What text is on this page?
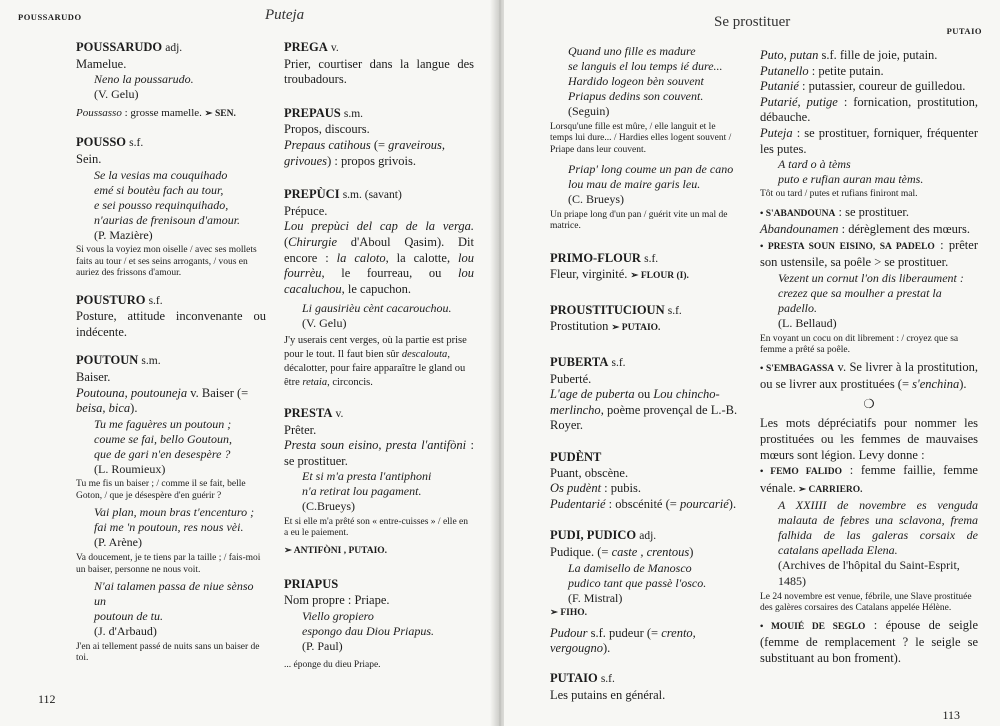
POUSSARUDO	Puteja

POUSSARUDO adj.

Mamelue.

Neno la poussarudo.

(V. Gelu)

Poussasso : grosse mamelle. ➢ SEN.

POUSSO s.f.

Sein.

Se la vesias ma couquihado

emé si boutèu fach au tour,

e sei pousso requinquihado,

n'aurias de frenisoun d'amour.

(P. Mazière)

Si vous la voyiez mon oiselle / avec ses mollets faits au tour / et ses seins arrogants, / vous en auriez des frissons d'amour.

POUSTURO s.f.

Posture, attitude inconvenante ou indécente.

POUTOUN s.m.

Baiser.

Poutouna, poutouneja v. Baiser (= beisa, bica).

Tu me faguères un poutoun ;

coume se fai, bello Goutoun,

que de gari n'en desespère ?

(L. Roumieux)

Tu me fis un baiser ; / comme il se fait, belle Goton, / que je désespère d'en guérir ?

Vai plan, moun bras t'encenturo ;

fai me 'n poutoun, res nous vèi.

(P. Arène)

Va doucement, je te tiens par la taille ; / fais-moi un baiser, personne ne nous voit.

N'ai talamen passa de niue sènso un

poutoun de tu.

(J. d'Arbaud)

J'en ai tellement passé de nuits sans un baiser de toi.

PREGA v.

Prier, courtiser dans la langue des troubadours.

PREPAUS s.m.

Propos, discours.

Prepaus catihous (= graveirous, grivoues) : propos grivois.

PREPÙCI s.m. (savant)

Prépuce.

Lou prepùci del cap de la verga. (Chirurgie d'Aboul Qasim). Dit encore : la caloto, la calotte, lou fourrèu, le fourreau, ou lou cacaluchou, le capuchon.

Li gausirièu cènt cacarouchou.

(V. Gelu)

J'y userais cent verges, où la partie est prise pour le tout. Il faut bien sûr descalouta, décalotter, pour faire apparaître le gland ou être retaia, circoncis.

PRESTA v.

Prêter.

Presta soun eisino, presta l'antifòni : se prostituer.

Et si m'a presta l'antiphoni

n'a retirat lou pagament.

(C.Brueys)

Et si elle m'a prêté son « entre-cuisses » / elle en a eu le paiement.

➢ ANTIFÒNI , PUTAIO.

PRIAPUS

Nom propre : Priape.

Viello gropiero

espongo dau Diou Priapus.

(P. Paul)

... éponge du dieu Priape.

112
Se prostituer
PUTAIO

Quand uno fille es madure

se languis el lou temps ié dure...

Hardido logeon bèn souvent

Priapus dedins son couvent.

(Seguin)

Lorsqu'une fille est mûre, / elle languit et le temps lui dure... / Hardies elles logent souvent / Priape dans leur couvent.

Priap' long coume un pan de cano

lou mau de maire garis leu.

(C. Brueys)

Un priape long d'un pan / guérit vite un mal de matrice.

PRIMO-FLOUR s.f.

Fleur, virginité. ➢ FLOUR (I).

PROUSTITUCIOUN s.f.

Prostitution ➢ PUTAIO.

PUBERTA s.f.

Puberté.

L'age de puberta ou Lou chincho-merlincho, poème provençal de L.-B. Royer.

PUDÈNT

Puant, obscène.

Os pudènt : pubis.

Pudentarié : obscénité (= pourcarié).

PUDI, PUDICO adj.

Pudique. (= caste , crentous)

La damisello de Manosco

pudico tant que passè l'osco.

(F. Mistral)

➢ FIHO.

Pudour s.f. pudeur (= crento, vergougno).

PUTAIO s.f.

Les putains en général.

Puto, putan s.f. fille de joie, putain.

Putanello : petite putain.

Putanié : putassier, coureur de guilledou.

Putarié, putige : fornication, prostitution, débauche.

Puteja : se prostituer, forniquer, fréquenter les putes.

A tard o à tèms

puto e rufian auran mau tèms.

Tôt ou tard / putes et rufians finiront mal.

• S'ABANDOUNA : se prostituer.

Abandounamen : dérèglement des mœurs.

• PRESTA SOUN EISINO, SA PADELO : prêter son ustensile, sa poêle > se prostituer.

Vezent un cornut l'on dis liberaument :

crezez que sa moulher a prestat la padello.

(L. Bellaud)

En voyant un cocu on dit librement : / croyez que sa femme a prêté sa poêle.

• S'EMBAGASSA v. Se livrer à la prostitution, ou se livrer aux prostituées (= s'enchina).

❍

Les mots dépréciatifs pour nommer les prostituées ou les femmes de mauvaises mœurs sont légion. Levy donne :

• FEMO FALIDO : femme faillie, femme vénale. ➢ CARRIERO.

A XXIIII de novembre es venguda malauta de febres una sclavona, frema falhida de las galeras corsaix de catalans apellada Elena.

(Archives de l'hôpital du Saint-Esprit, 1485)

Le 24 novembre est venue, fébrile, une Slave prostituée des galères corsaires des Catalans appelée Hélène.

• MOUIÉ DE SEGLO : épouse de seigle (femme de remplacement ? le seigle se substituant au bon froment).

113
